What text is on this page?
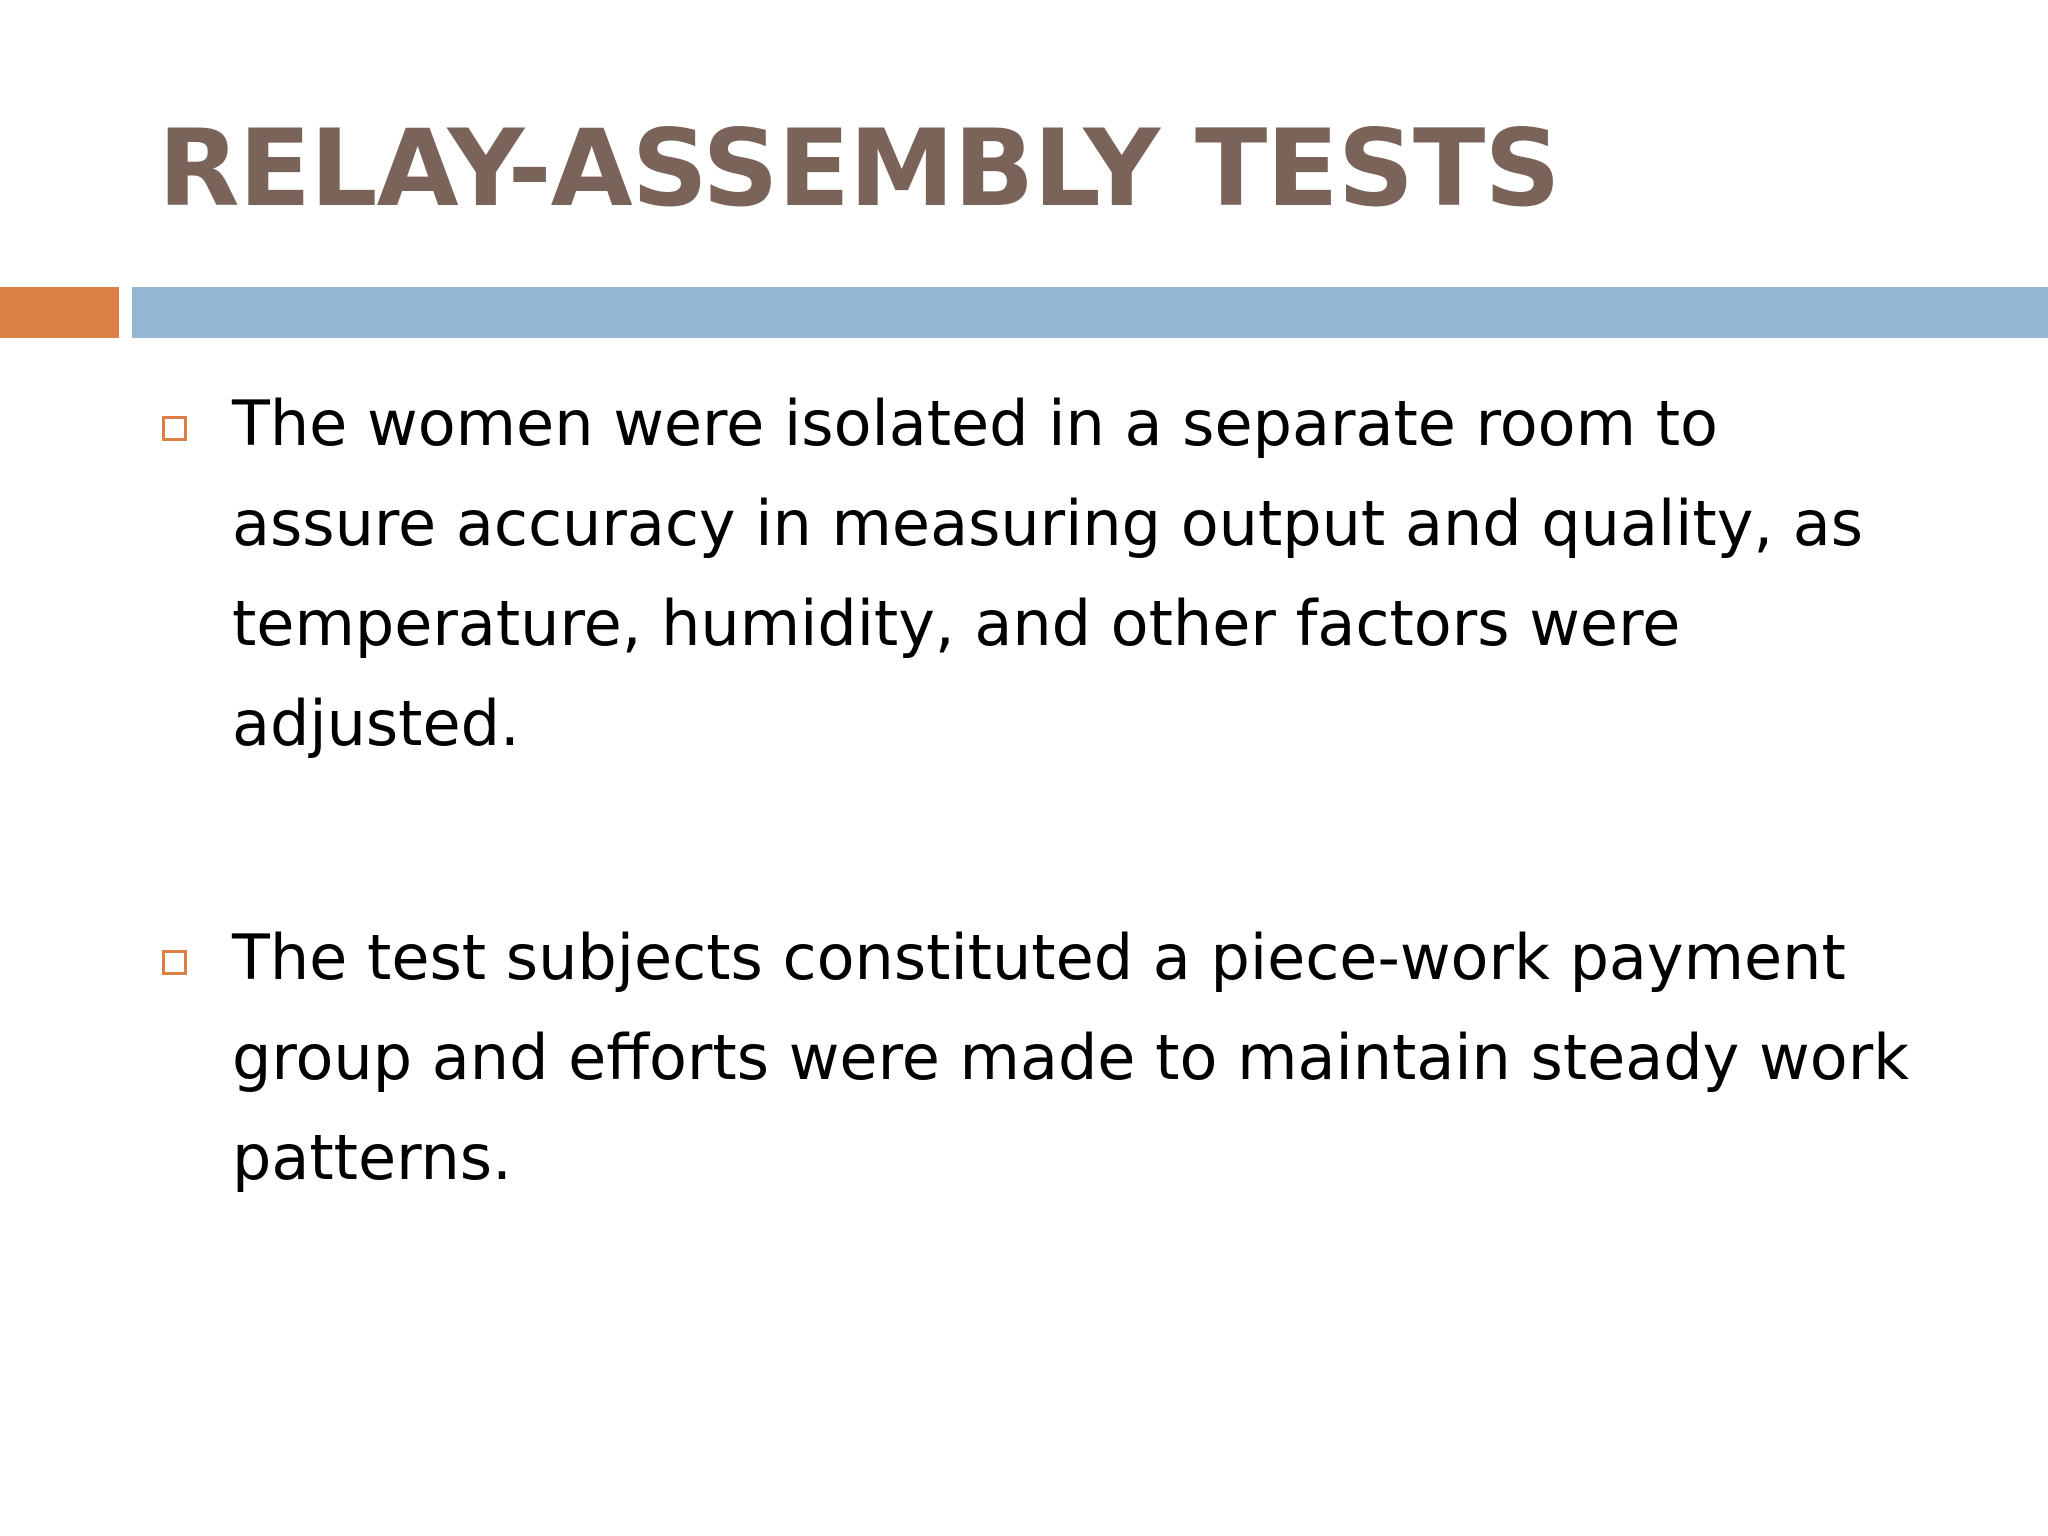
RELAY-ASSEMBLY TESTS
The women were isolated in a separate room to assure accuracy in measuring output and quality, as temperature, humidity, and other factors were adjusted.
The test subjects constituted a piece-work payment group and efforts were made to maintain steady work patterns.
